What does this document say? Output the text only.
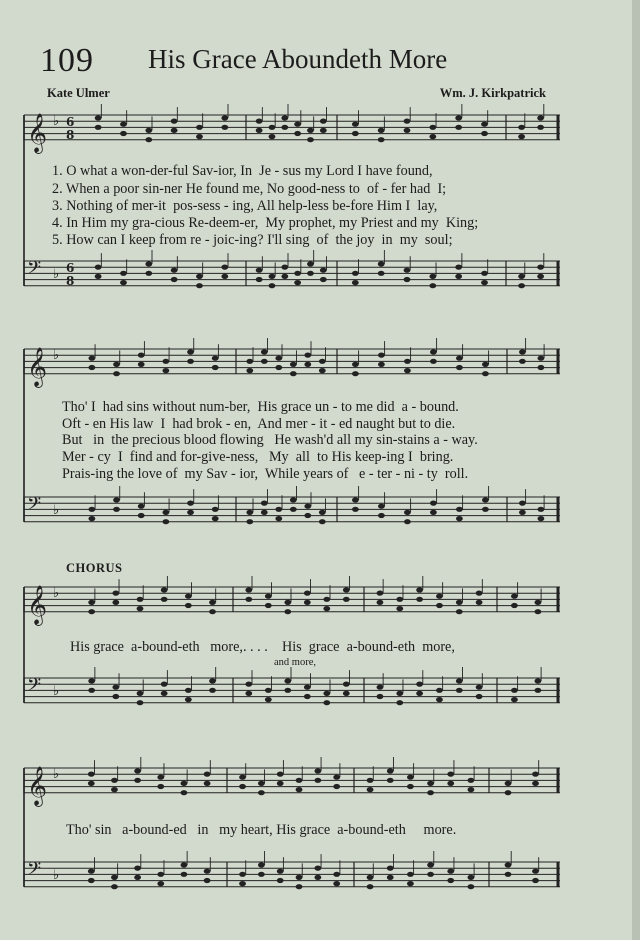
109 His Grace Aboundeth More
Kate Ulmer	Wm. J. Kirkpatrick
𝄞 ♭ 6
8
𝄢 ♭ 6
8
𝄞 ♭
𝄢 ♭
𝄞 ♭
𝄢 ♭
𝄞 ♭
𝄢 ♭
1. O what a won-der-ful Sav-ior, In  Je - sus my Lord I have found,
2. When a poor sin-ner He found me, No good-ness to  of - fer had  I;
3. Nothing of mer-it  pos-sess - ing, All help-less be-fore Him I  lay,
4. In Him my gra-cious Re-deem-er,  My prophet, my Priest and my  King;
5. How can I keep from re - joic-ing? I'll sing  of  the joy  in  my  soul;
Tho' I  had sins without num-ber,  His grace un - to me did  a - bound.
Oft - en His law  I  had brok - en,  And mer - it - ed naught but to die.
But   in  the precious blood flowing   He wash'd all my sin-stains a - way.
Mer - cy  I  find and for-give-ness,   My  all  to His keep-ing I  bring.
Prais-ing the love of  my Sav - ior,  While years of   e - ter - ni - ty  roll.
CHORUS
His grace  a-bound-eth   more,. . . .    His  grace  a-bound-eth  more,
and more,
Tho' sin   a-bound-ed   in   my heart, His grace  a-bound-eth     more.
